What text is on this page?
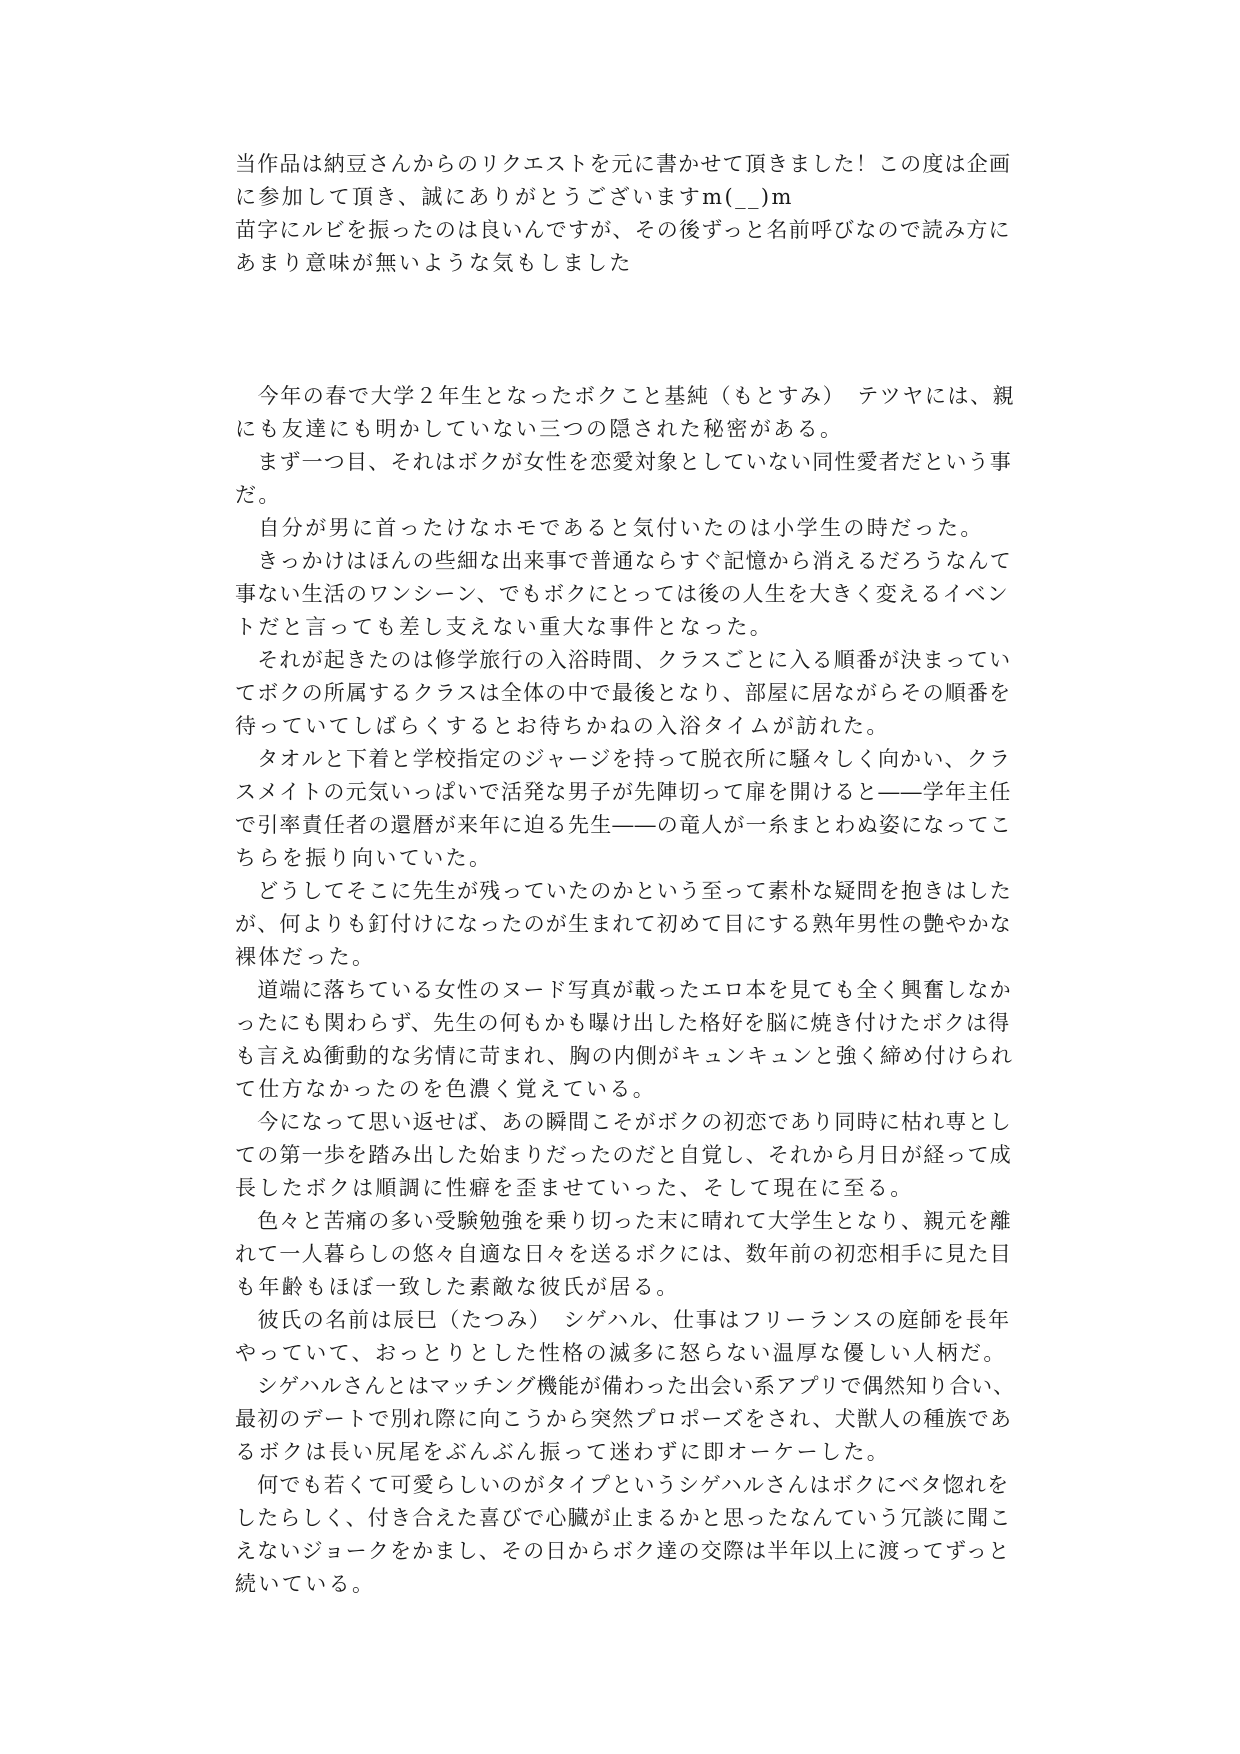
当作品は納豆さんからのリクエストを元に書かせて頂きました！この度は企画
に参加して頂き、誠にありがとうございますm(__)m
苗字にルビを振ったのは良いんですが、その後ずっと名前呼びなので読み方に
あまり意味が無いような気もしました
　今年の春で大学２年生となったボクこと基純（もとすみ）　テツヤには、親
にも友達にも明かしていない三つの隠された秘密がある。
　まず一つ目、それはボクが女性を恋愛対象としていない同性愛者だという事
だ。
　自分が男に首ったけなホモであると気付いたのは小学生の時だった。
　きっかけはほんの些細な出来事で普通ならすぐ記憶から消えるだろうなんて
事ない生活のワンシーン、でもボクにとっては後の人生を大きく変えるイベン
トだと言っても差し支えない重大な事件となった。
　それが起きたのは修学旅行の入浴時間、クラスごとに入る順番が決まってい
てボクの所属するクラスは全体の中で最後となり、部屋に居ながらその順番を
待っていてしばらくするとお待ちかねの入浴タイムが訪れた。
　タオルと下着と学校指定のジャージを持って脱衣所に騒々しく向かい、クラ
スメイトの元気いっぱいで活発な男子が先陣切って扉を開けると――学年主任
で引率責任者の還暦が来年に迫る先生――の竜人が一糸まとわぬ姿になってこ
ちらを振り向いていた。
　どうしてそこに先生が残っていたのかという至って素朴な疑問を抱きはした
が、何よりも釘付けになったのが生まれて初めて目にする熟年男性の艶やかな
裸体だった。
　道端に落ちている女性のヌード写真が載ったエロ本を見ても全く興奮しなか
ったにも関わらず、先生の何もかも曝け出した格好を脳に焼き付けたボクは得
も言えぬ衝動的な劣情に苛まれ、胸の内側がキュンキュンと強く締め付けられ
て仕方なかったのを色濃く覚えている。
　今になって思い返せば、あの瞬間こそがボクの初恋であり同時に枯れ専とし
ての第一歩を踏み出した始まりだったのだと自覚し、それから月日が経って成
長したボクは順調に性癖を歪ませていった、そして現在に至る。
　色々と苦痛の多い受験勉強を乗り切った末に晴れて大学生となり、親元を離
れて一人暮らしの悠々自適な日々を送るボクには、数年前の初恋相手に見た目
も年齢もほぼ一致した素敵な彼氏が居る。
　彼氏の名前は辰巳（たつみ）　シゲハル、仕事はフリーランスの庭師を長年
やっていて、おっとりとした性格の滅多に怒らない温厚な優しい人柄だ。
　シゲハルさんとはマッチング機能が備わった出会い系アプリで偶然知り合い、
最初のデートで別れ際に向こうから突然プロポーズをされ、犬獣人の種族であ
るボクは長い尻尾をぶんぶん振って迷わずに即オーケーした。
　何でも若くて可愛らしいのがタイプというシゲハルさんはボクにベタ惚れを
したらしく、付き合えた喜びで心臓が止まるかと思ったなんていう冗談に聞こ
えないジョークをかまし、その日からボク達の交際は半年以上に渡ってずっと
続いている。
